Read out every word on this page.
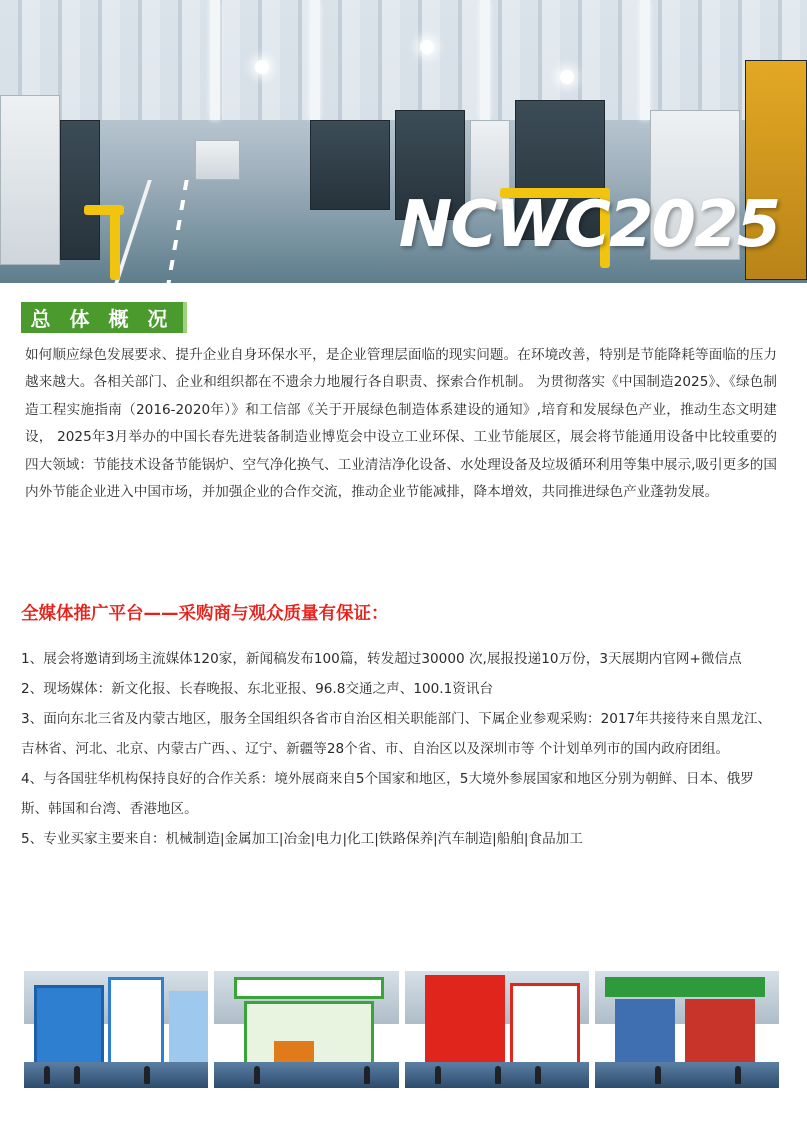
NCWC2025
总 体 概 况

如何顺应绿色发展要求、提升企业自身环保水平，是企业管理层面临的现实问题。在环境改善，特别是节能降耗等面临的压力越来越大。各相关部门、企业和组织都在不遗余力地履行各自职责、探索合作机制。 为贯彻落实《中国制造2025》、《绿色制造工程实施指南（2016-2020年）》和工信部《关于开展绿色制造体系建设的通知》,培育和发展绿色产业，推动生态文明建设， 2025年3月举办的中国长春先进装备制造业博览会中设立工业环保、工业节能展区，展会将节能通用设备中比较重要的四大领域：节能技术设备节能锅炉、空气净化换气、工业清洁净化设备、水处理设备及垃圾循环利用等集中展示,吸引更多的国内外节能企业进入中国市场，并加强企业的合作交流，推动企业节能减排，降本增效，共同推进绿色产业蓬勃发展。

全媒体推广平台——采购商与观众质量有保证：
1、展会将邀请到场主流媒体120家，新闻稿发布100篇，转发超过30000 次,展报投递10万份，3天展期内官网+微信点
2、现场媒体：新文化报、长春晚报、东北亚报、96.8交通之声、100.1资讯台
3、面向东北三省及内蒙古地区，服务全国组织各省市自治区相关职能部门、下属企业参观采购：2017年共接待来自黑龙江、吉林省、河北、北京、内蒙古广西、、辽宁、新疆等28个省、市、自治区以及深圳市等 个计划单列市的国内政府团组。
4、与各国驻华机构保持良好的合作关系：境外展商来自5个国家和地区，5大境外参展国家和地区分别为朝鲜、日本、俄罗斯、韩国和台湾、香港地区。
5、专业买家主要来自：机械制造|金属加工|冶金|电力|化工|铁路保养|汽车制造|船舶|食品加工
